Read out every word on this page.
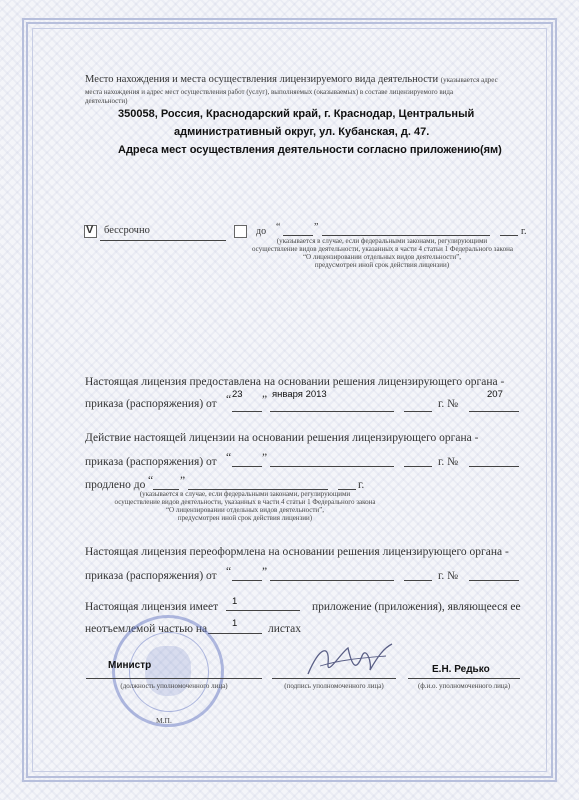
Место нахождения и места осуществления лицензируемого вида деятельности (указывается адрес
места нахождения и адрес мест осуществления работ (услуг), выполняемых (оказываемых) в составе лицензируемого вида
деятельности)
350058, Россия, Краснодарский край, г. Краснодар, Центральный
административный округ, ул. Кубанская, д. 47.
Адреса мест осуществления деятельности согласно приложению(ям)
V бессрочно	до “	”	г.
(указывается в случае, если федеральными законами, регулирующими
осуществление видов деятельности, указанных в части 4 статьи 1 Федерального закона
“О лицензировании отдельных видов деятельности”,
предусмотрен иной срок действия лицензии)
Настоящая лицензия предоставлена на основании решения лицензирующего органа -
приказа (распоряжения) от “ 23 ” января 2013
г. №
207
Действие настоящей лицензии на основании решения лицензирующего органа -
приказа (распоряжения) от “	”	г. №
продлено до “ ”	г.
(указывается в случае, если федеральными законами, регулирующими
осуществление видов деятельности, указанных в части 4 статьи 1 Федерального закона
“О лицензировании отдельных видов деятельности”,
предусмотрен иной срок действия лицензии)
Настоящая лицензия переоформлена на основании решения лицензирующего органа -
приказа (распоряжения) от “	”	г. №
Настоящая лицензия имеет 1	приложение (приложения), являющееся ее
неотъемлемой частью на	1	листах
Министр
(должность уполномоченного лица)	(подпись уполномоченного лица)
Е.Н. Редько
(ф.и.о. уполномоченного лица)
М.П.
